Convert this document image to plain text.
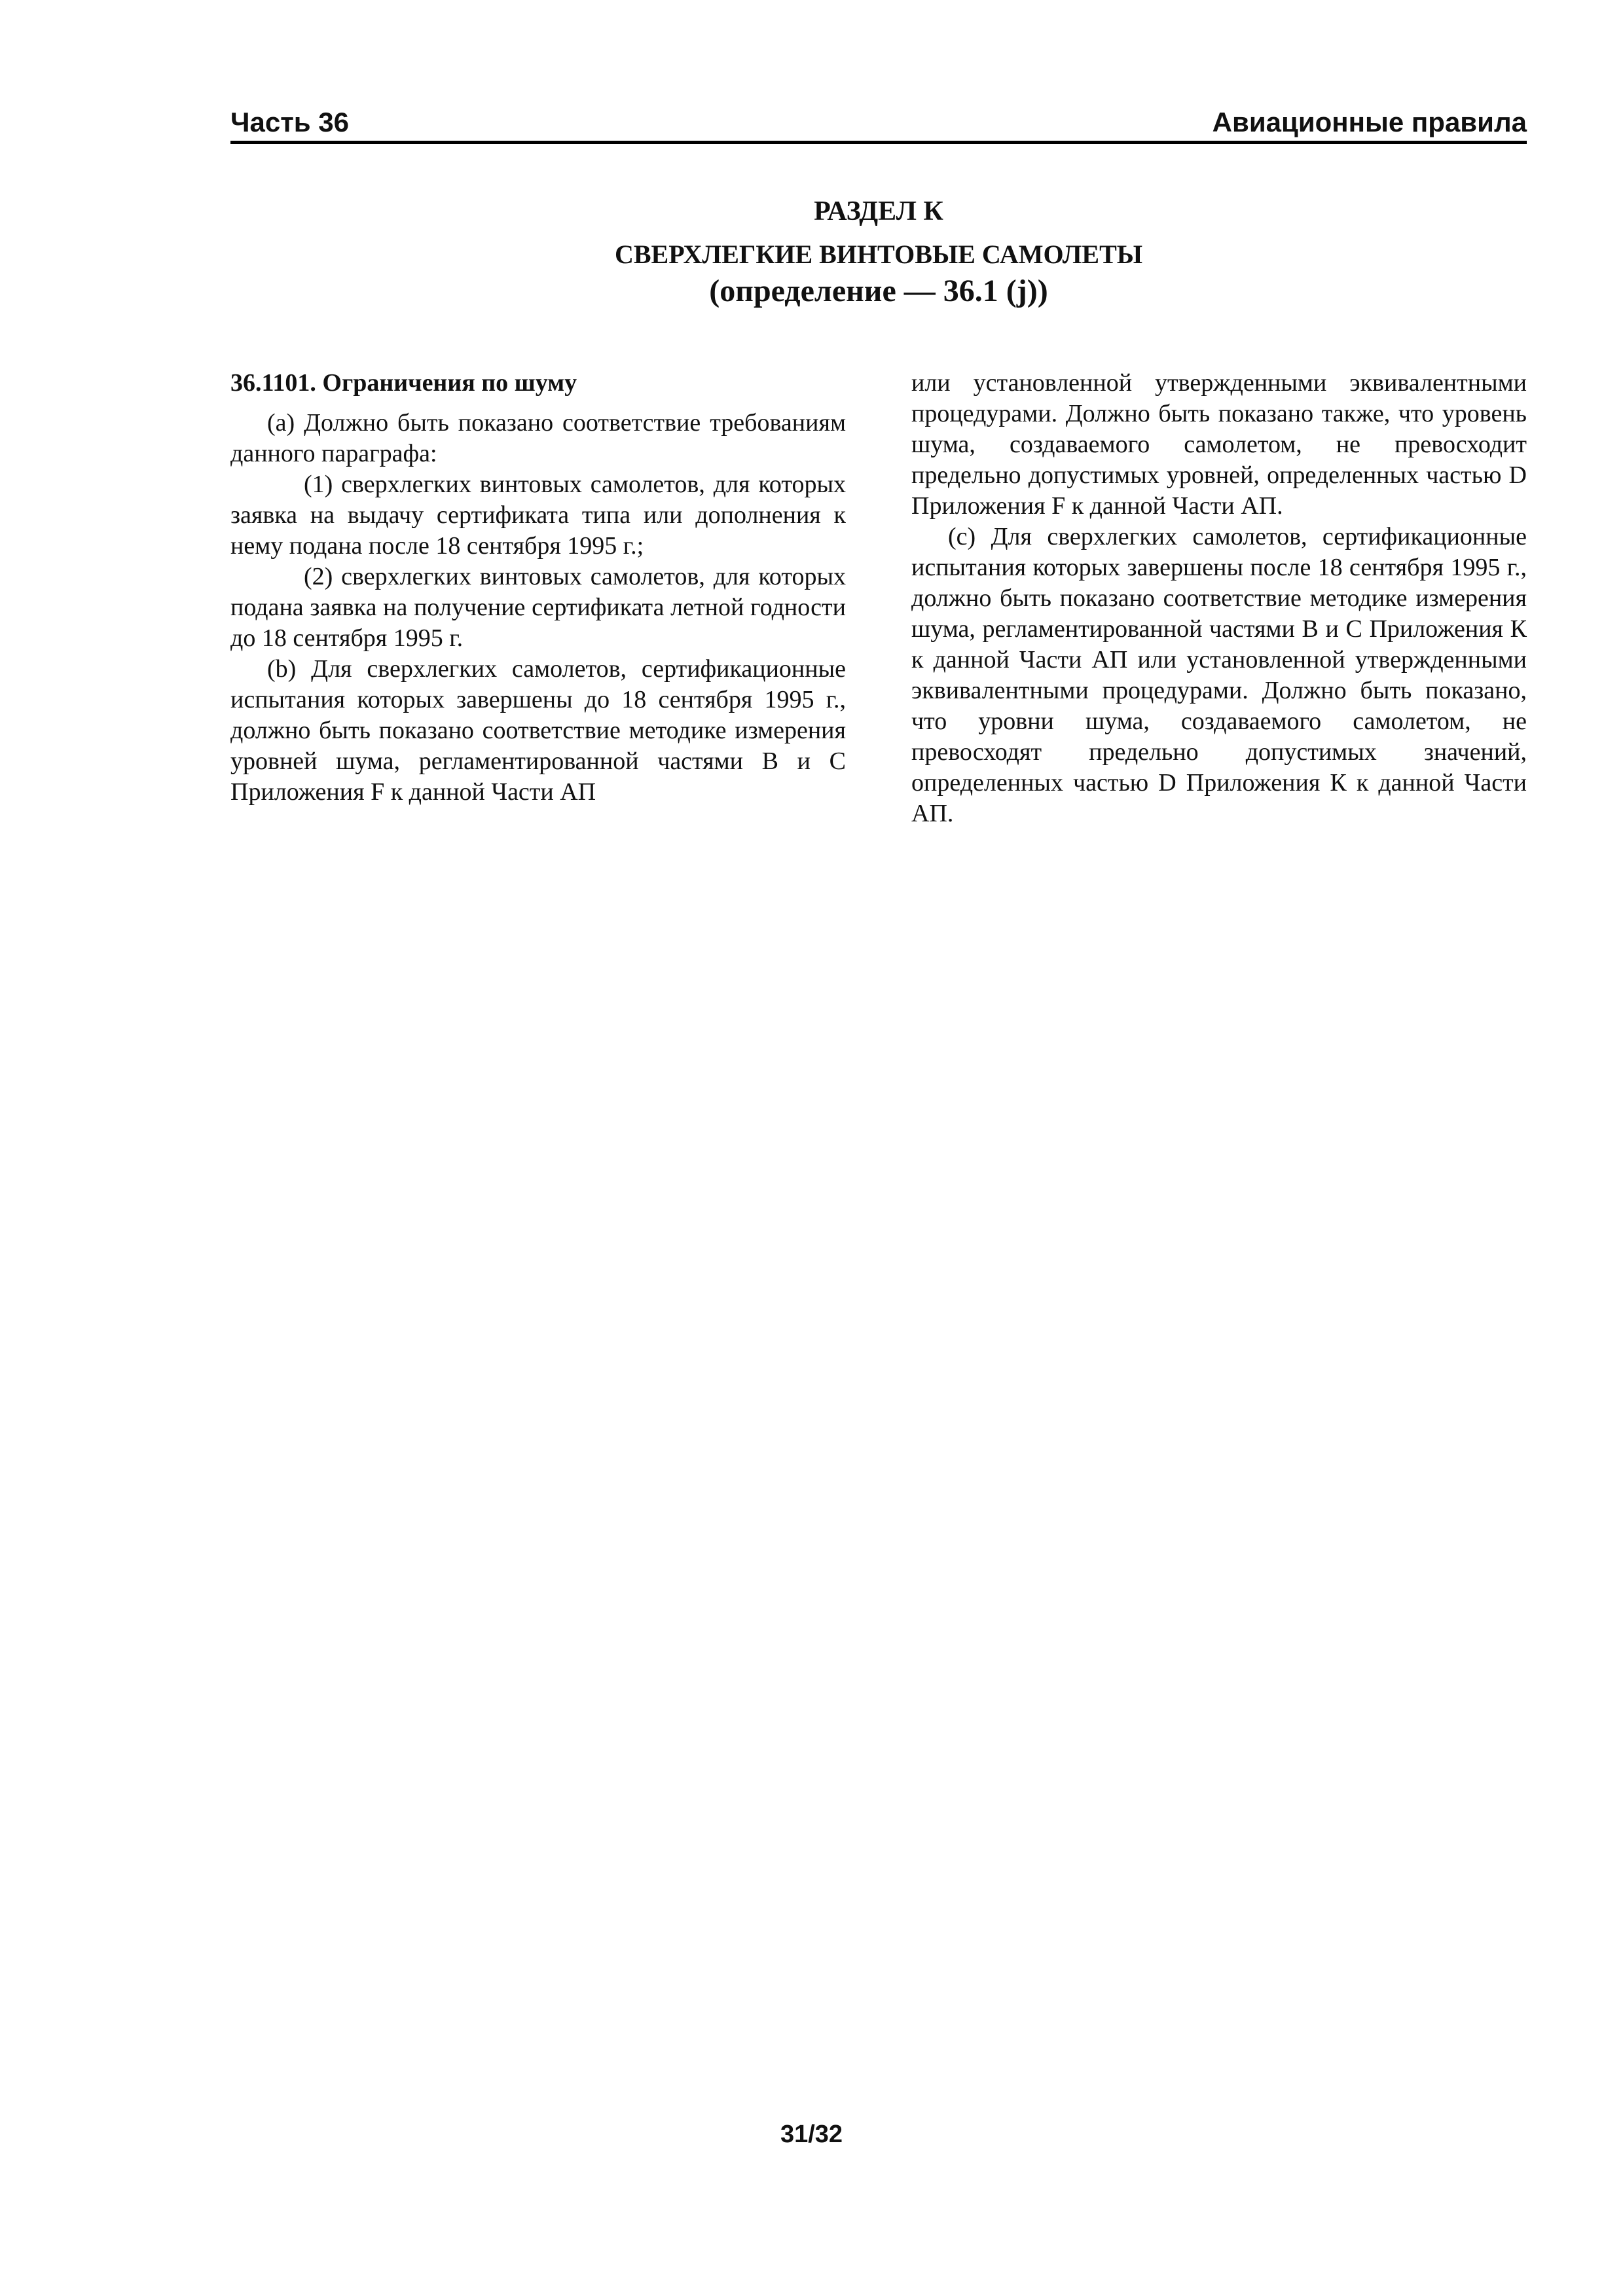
Часть 36	Авиационные правила
РАЗДЕЛ К
СВЕРХЛЕГКИЕ ВИНТОВЫЕ САМОЛЕТЫ
(определение — 36.1 (j))

36.1101. Ограничения по шуму

(а) Должно быть показано соответствие требованиям данного параграфа:

(1) сверхлегких винтовых самолетов, для которых заявка на выдачу сертификата типа или дополнения к нему подана после 18 сентября 1995 г.;

(2) сверхлегких винтовых самолетов, для которых подана заявка на получение сертификата летной годности до 18 сентября 1995 г.

(b) Для сверхлегких самолетов, сертификационные испытания которых завершены до 18 сентября 1995 г., должно быть показано соответствие методике измерения уровней шума, регламентированной частями В и С Приложения F к данной Части АП

или установленной утвержденными эквивалентными процедурами. Должно быть показано также, что уровень шума, создаваемого самолетом, не превосходит предельно допустимых уровней, определенных частью D Приложения F к данной Части АП.

(с) Для сверхлегких самолетов, сертификационные испытания которых завершены после 18 сентября 1995 г., должно быть показано соответствие методике измерения шума, регламентированной частями В и С Приложения К к данной Части АП или установленной утвержденными эквивалентными процедурами. Должно быть показано, что уровни шума, создаваемого самолетом, не превосходят предельно допустимых значений, определенных частью D Приложения К к данной Части АП.

31/32
